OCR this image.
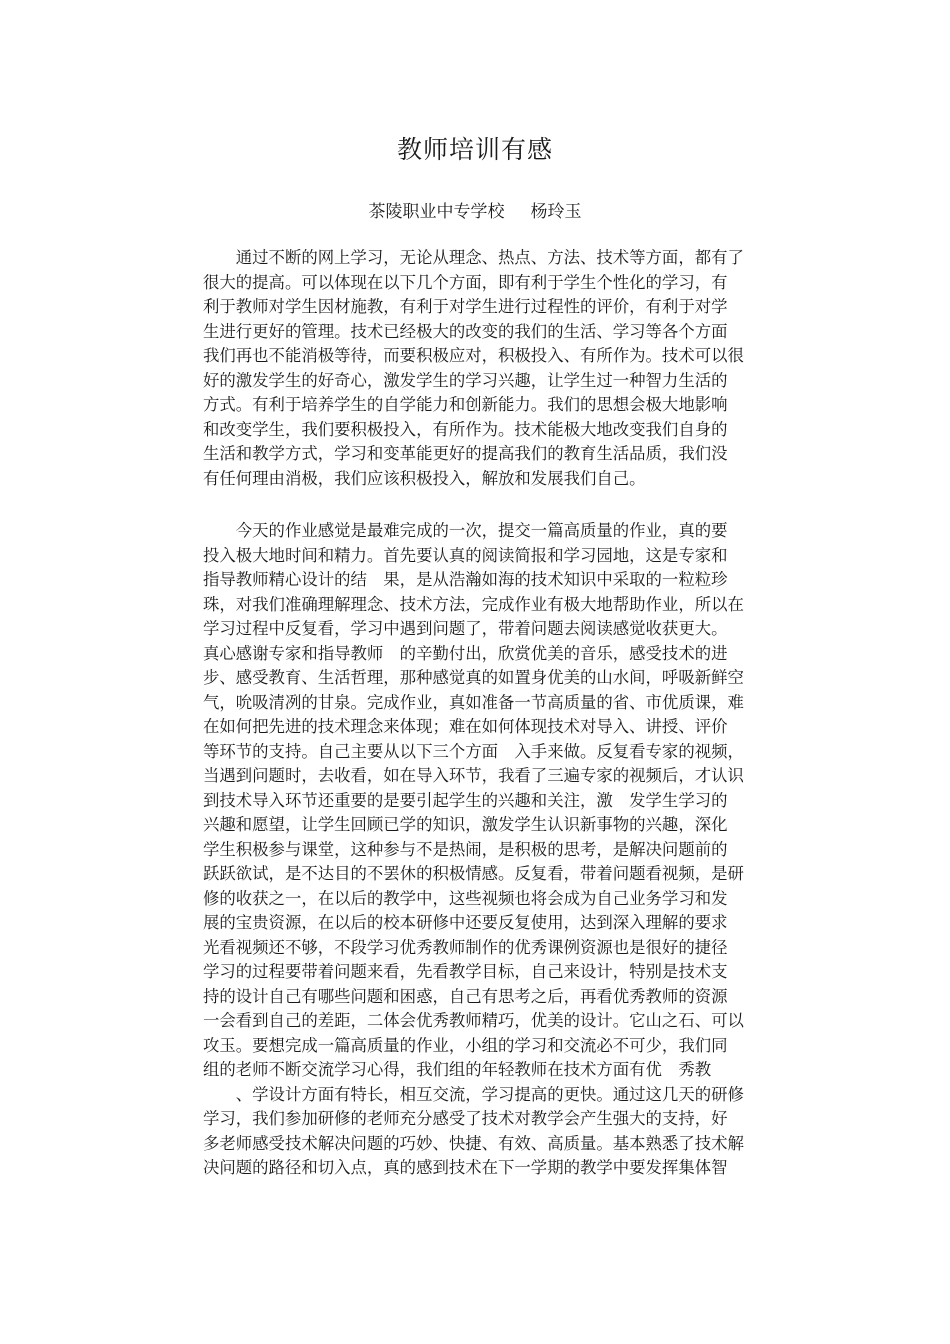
教师培训有感
茶陵职业中专学校 杨玲玉
　　通过不断的网上学习，无论从理念、热点、方法、技术等方面，都有了
很大的提高。可以体现在以下几个方面，即有利于学生个性化的学习，有
利于教师对学生因材施教，有利于对学生进行过程性的评价，有利于对学
生进行更好的管理。技术已经极大的改变的我们的生活、学习等各个方面
我们再也不能消极等待，而要积极应对，积极投入、有所作为。技术可以很
好的激发学生的好奇心，激发学生的学习兴趣，让学生过一种智力生活的
方式。有利于培养学生的自学能力和创新能力。我们的思想会极大地影响
和改变学生，我们要积极投入，有所作为。技术能极大地改变我们自身的
生活和教学方式，学习和变革能更好的提高我们的教育生活品质，我们没
有任何理由消极，我们应该积极投入，解放和发展我们自己。
　　今天的作业感觉是最难完成的一次，提交一篇高质量的作业，真的要
投入极大地时间和精力。首先要认真的阅读简报和学习园地，这是专家和
指导教师精心设计的结　果，是从浩瀚如海的技术知识中采取的一粒粒珍
珠，对我们准确理解理念、技术方法，完成作业有极大地帮助作业，所以在
学习过程中反复看，学习中遇到问题了，带着问题去阅读感觉收获更大。
真心感谢专家和指导教师　的辛勤付出，欣赏优美的音乐，感受技术的进
步、感受教育、生活哲理，那种感觉真的如置身优美的山水间，呼吸新鲜空
气，吮吸清冽的甘泉。完成作业，真如准备一节高质量的省、市优质课，难
在如何把先进的技术理念来体现；难在如何体现技术对导入、讲授、评价
等环节的支持。自己主要从以下三个方面　入手来做。反复看专家的视频，
当遇到问题时，去收看，如在导入环节，我看了三遍专家的视频后，才认识
到技术导入环节还重要的是要引起学生的兴趣和关注，激　发学生学习的
兴趣和愿望，让学生回顾已学的知识，激发学生认识新事物的兴趣，深化
学生积极参与课堂，这种参与不是热闹，是积极的思考，是解决问题前的
跃跃欲试，是不达目的不罢休的积极情感。反复看，带着问题看视频，是研
修的收获之一，在以后的教学中，这些视频也将会成为自己业务学习和发
展的宝贵资源，在以后的校本研修中还要反复使用，达到深入理解的要求
光看视频还不够，不段学习优秀教师制作的优秀课例资源也是很好的捷径
学习的过程要带着问题来看，先看教学目标，自己来设计，特别是技术支
持的设计自己有哪些问题和困惑，自己有思考之后，再看优秀教师的资源
一会看到自己的差距，二体会优秀教师精巧，优美的设计。它山之石、可以
攻玉。要想完成一篇高质量的作业，小组的学习和交流必不可少，我们同
组的老师不断交流学习心得，我们组的年轻教师在技术方面有优　秀教
　　、学设计方面有特长，相互交流，学习提高的更快。通过这几天的研修
学习，我们参加研修的老师充分感受了技术对教学会产生强大的支持，好
多老师感受技术解决问题的巧妙、快捷、有效、高质量。基本熟悉了技术解
决问题的路径和切入点，真的感到技术在下一学期的教学中要发挥集体智
